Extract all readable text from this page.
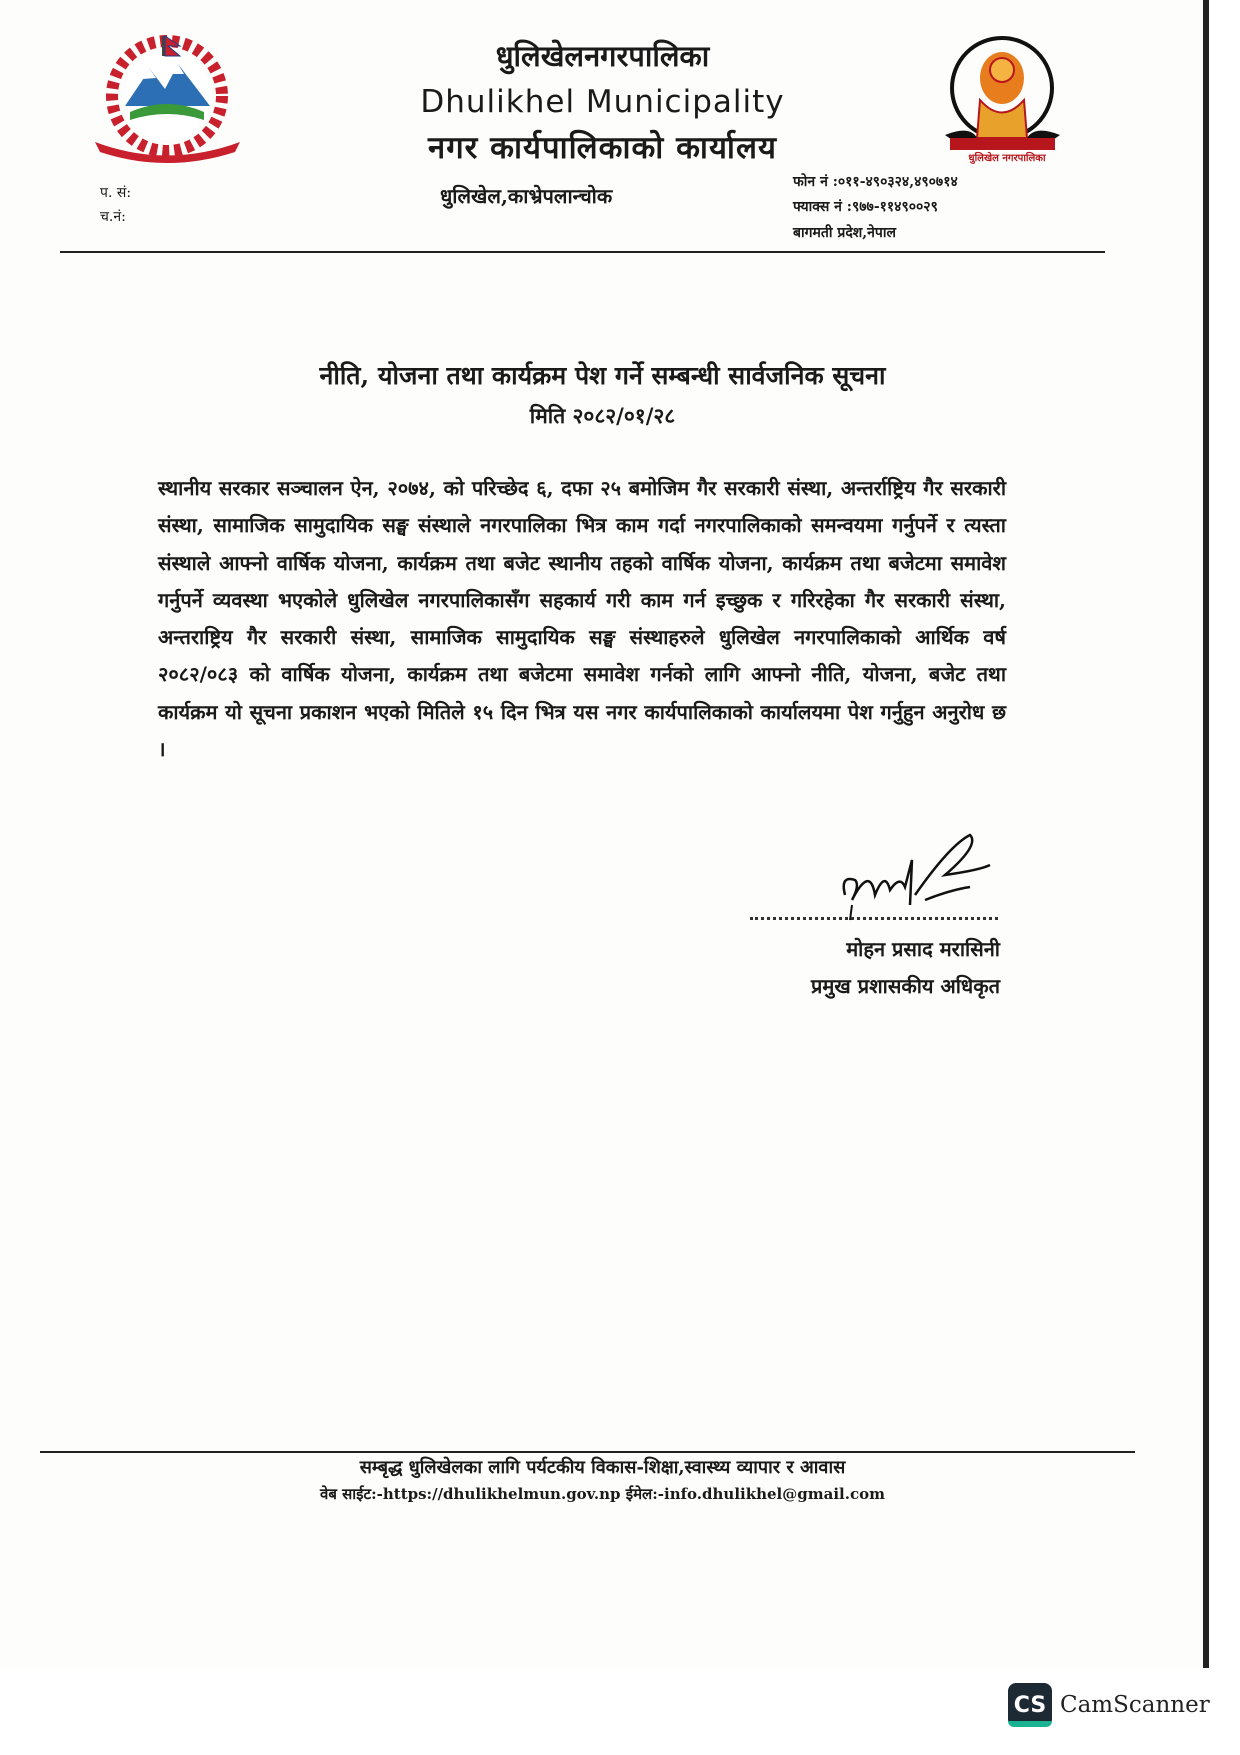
धुलिखेल नगरपालिका
धुलिखेलनगरपालिका
Dhulikhel Municipality
नगर कार्यपालिकाको कार्यालय
धुलिखेल,काभ्रेपलान्चोक
प. सं:
च.नं:
फोन नं :०११-४९०३२४,४९०७१४
फ्याक्स नं :९७७-११४९००२९
बागमती प्रदेश,नेपाल
नीति, योजना तथा कार्यक्रम पेश गर्ने सम्बन्धी सार्वजनिक सूचना
मिति २०८२/०१/२८
स्थानीय सरकार सञ्चालन ऐन, २०७४, को परिच्छेद ६, दफा २५ बमोजिम गैर सरकारी संस्था, अन्तर्राष्ट्रिय गैर सरकारी संस्था, सामाजिक सामुदायिक सङ्घ संस्थाले नगरपालिका भित्र काम गर्दा नगरपालिकाको समन्वयमा गर्नुपर्ने र त्यस्ता संस्थाले आफ्नो वार्षिक योजना, कार्यक्रम तथा बजेट स्थानीय तहको वार्षिक योजना, कार्यक्रम तथा बजेटमा समावेश गर्नुपर्ने व्यवस्था भएकोले धुलिखेल नगरपालिकासँग सहकार्य गरी काम गर्न इच्छुक र गरिरहेका गैर सरकारी संस्था, अन्तराष्ट्रिय गैर सरकारी संस्था, सामाजिक सामुदायिक सङ्घ संस्थाहरुले धुलिखेल नगरपालिकाको आर्थिक वर्ष २०८२/०८३ को वार्षिक योजना, कार्यक्रम तथा बजेटमा समावेश गर्नको लागि आफ्नो नीति, योजना, बजेट तथा कार्यक्रम यो सूचना प्रकाशन भएको मितिले १५ दिन भित्र यस नगर कार्यपालिकाको कार्यालयमा पेश गर्नुहुन अनुरोध छ ।
मोहन प्रसाद मरासिनी
प्रमुख प्रशासकीय अधिकृत
सम्बृद्ध धुलिखेलका लागि पर्यटकीय विकास-शिक्षा,स्वास्थ्य व्यापार र आवास
वेब साईट:-https://dhulikhelmun.gov.np ईमेल:-info.dhulikhel@gmail.com
CS CamScanner
